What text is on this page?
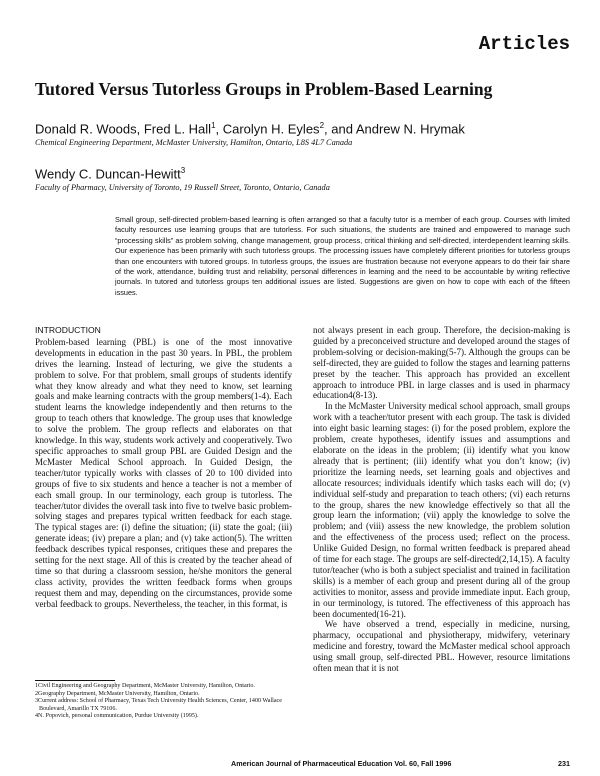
Articles
Tutored Versus Tutorless Groups in Problem-Based Learning
Donald R. Woods, Fred L. Hall$^1$, Carolyn H. Eyles$^2$, and Andrew N. Hrymak
Chemical Engineering Department, McMaster University, Hamilton, Ontario, L8S 4L7 Canada
Wendy C. Duncan-Hewitt$^3$
Faculty of Pharmacy, University of Toronto, 19 Russell Street, Toronto, Ontario, Canada
Small group, self-directed problem-based learning is often arranged so that a faculty tutor is a member of each group. Courses with limited faculty resources use learning groups that are tutorless. For such situations, the students are trained and empowered to manage such “processing skills” as problem solving, change management, group process, critical thinking and self-directed, interdependent learning skills. Our experience has been primarily with such tutorless groups. The processing issues have completely different priorities for tutorless groups than one encounters with tutored groups. In tutorless groups, the issues are frustration because not everyone appears to do their fair share of the work, attendance, building trust and reliability, personal differences in learning and the need to be accountable by writing reflective journals. In tutored and tutorless groups ten additional issues are listed. Suggestions are given on how to cope with each of the fifteen issues.
INTRODUCTION

Problem-based learning (PBL) is one of the most innovative developments in education in the past 30 years. In PBL, the problem drives the learning. Instead of lecturing, we give the students a problem to solve. For that problem, small groups of students identify what they know already and what they need to know, set learning goals and make learning contracts with the group members(1-4). Each student learns the knowledge independently and then returns to the group to teach others that knowledge. The group uses that knowledge to solve the problem. The group reflects and elaborates on that knowledge. In this way, students work actively and cooperatively. Two specific approaches to small group PBL are Guided Design and the McMaster Medical School approach. In Guided Design, the teacher/tutor typically works with classes of 20 to 100 divided into groups of five to six students and hence a teacher is not a member of each small group. In our terminology, each group is tutorless. The teacher/tutor divides the overall task into five to twelve basic problem-solving stages and prepares typical written feedback for each stage. The typical stages are: (i) define the situation; (ii) state the goal; (iii) generate ideas; (iv) prepare a plan; and (v) take action(5). The written feedback describes typical responses, critiques these and prepares the setting for the next stage. All of this is created by the teacher ahead of time so that during a classroom session, he/she monitors the general class activity, provides the written feedback forms when groups request them and may, depending on the circumstances, provide some verbal feedback to groups. Nevertheless, the teacher, in this format, is

not always present in each group. Therefore, the decision-making is guided by a preconceived structure and developed around the stages of problem-solving or decision-making(5-7). Although the groups can be self-directed, they are guided to follow the stages and learning patterns preset by the teacher. This approach has provided an excellent approach to introduce PBL in large classes and is used in pharmacy education4(8-13).

In the McMaster University medical school approach, small groups work with a teacher/tutor present with each group. The task is divided into eight basic learning stages: (i) for the posed problem, explore the problem, create hypotheses, identify issues and assumptions and elaborate on the ideas in the problem; (ii) identify what you know already that is pertinent; (iii) identify what you don’t know; (iv) prioritize the learning needs, set learning goals and objectives and allocate resources; individuals identify which tasks each will do; (v) individual self-study and preparation to teach others; (vi) each returns to the group, shares the new knowledge effectively so that all the group learn the information; (vii) apply the knowledge to solve the problem; and (viii) assess the new knowledge, the problem solution and the effectiveness of the process used; reflect on the process. Unlike Guided Design, no formal written feedback is prepared ahead of time for each stage. The groups are self-directed(2,14,15). A faculty tutor/teacher (who is both a subject specialist and trained in facilitation skills) is a member of each group and present during all of the group activities to monitor, assess and provide immediate input. Each group, in our terminology, is tutored. The effectiveness of this approach has been documented(16-21).

We have observed a trend, especially in medicine, nursing, pharmacy, occupational and physiotherapy, midwifery, veterinary medicine and forestry, toward the McMaster medical school approach using small group, self-directed PBL. However, resource limitations often mean that it is not

1Civil Engineering and Geography Department, McMaster University, Hamilton, Ontario.

2Geography Department, McMaster University, Hamilton, Ontario.

3Current address: School of Pharmacy, Texas Tech University Health Sciences, Center, 1400 Wallace Boulevard, Amarillo TX 79106.

4N. Popovich, personal communication, Purdue University (1995).

American Journal of Pharmaceutical Education Vol. 60, Fall 1996	231
